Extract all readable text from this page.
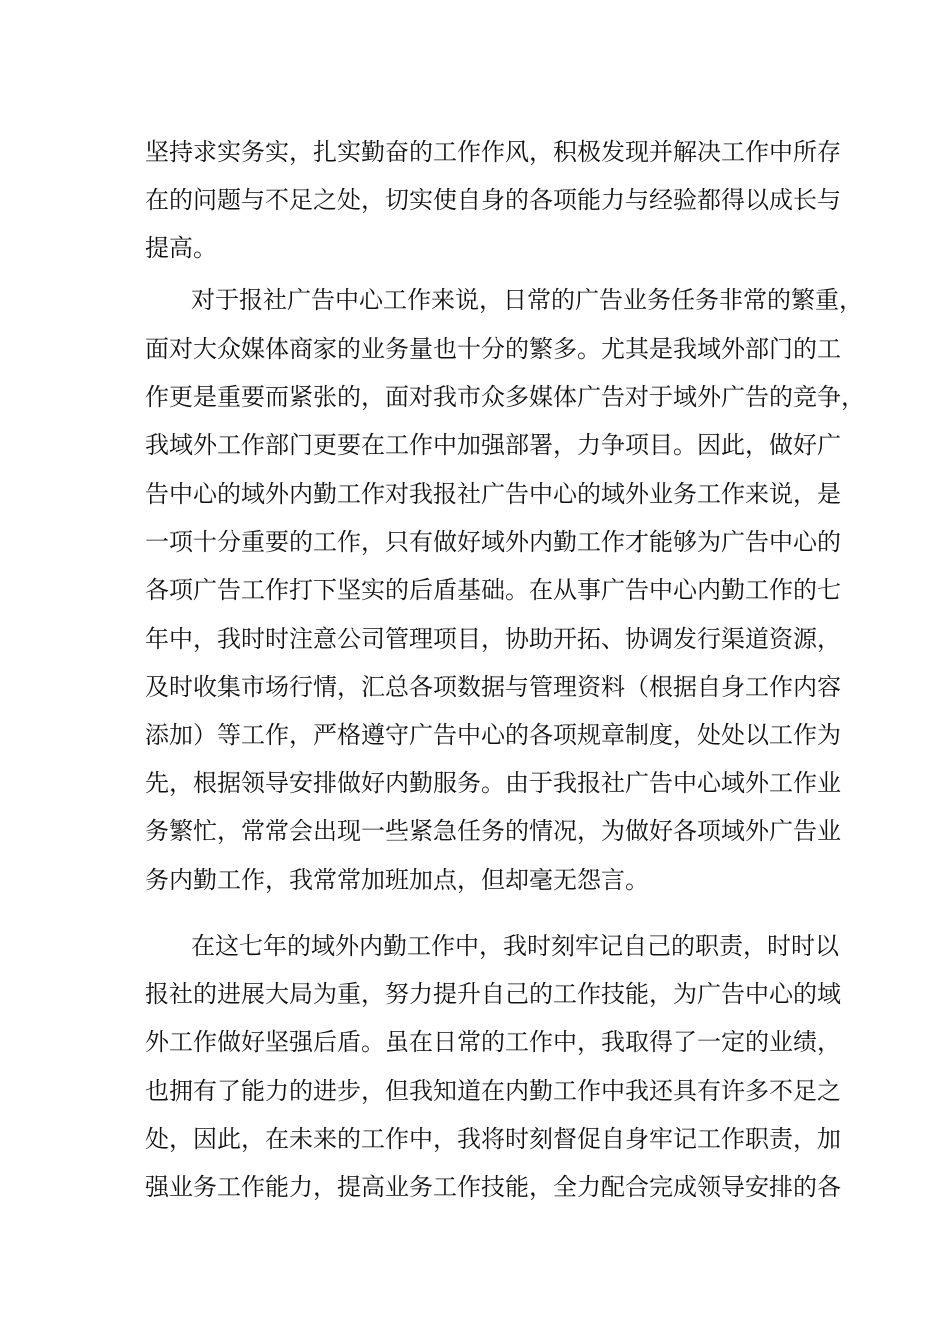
坚持求实务实，扎实勤奋的工作作风，积极发现并解决工作中所存
在的问题与不足之处，切实使自身的各项能力与经验都得以成长与
提高。
对于报社广告中心工作来说，日常的广告业务任务非常的繁重，
面对大众媒体商家的业务量也十分的繁多。尤其是我域外部门的工
作更是重要而紧张的，面对我市众多媒体广告对于域外广告的竞争，
我域外工作部门更要在工作中加强部署，力争项目。因此，做好广
告中心的域外内勤工作对我报社广告中心的域外业务工作来说，是
一项十分重要的工作，只有做好域外内勤工作才能够为广告中心的
各项广告工作打下坚实的后盾基础。在从事广告中心内勤工作的七
年中，我时时注意公司管理项目，协助开拓、协调发行渠道资源，
及时收集市场行情，汇总各项数据与管理资料（根据自身工作内容
添加）等工作，严格遵守广告中心的各项规章制度，处处以工作为
先，根据领导安排做好内勤服务。由于我报社广告中心域外工作业
务繁忙，常常会出现一些紧急任务的情况，为做好各项域外广告业
务内勤工作，我常常加班加点，但却毫无怨言。
在这七年的域外内勤工作中，我时刻牢记自己的职责，时时以
报社的进展大局为重，努力提升自己的工作技能，为广告中心的域
外工作做好坚强后盾。虽在日常的工作中，我取得了一定的业绩，
也拥有了能力的进步，但我知道在内勤工作中我还具有许多不足之
处，因此，在未来的工作中，我将时刻督促自身牢记工作职责，加
强业务工作能力，提高业务工作技能，全力配合完成领导安排的各
